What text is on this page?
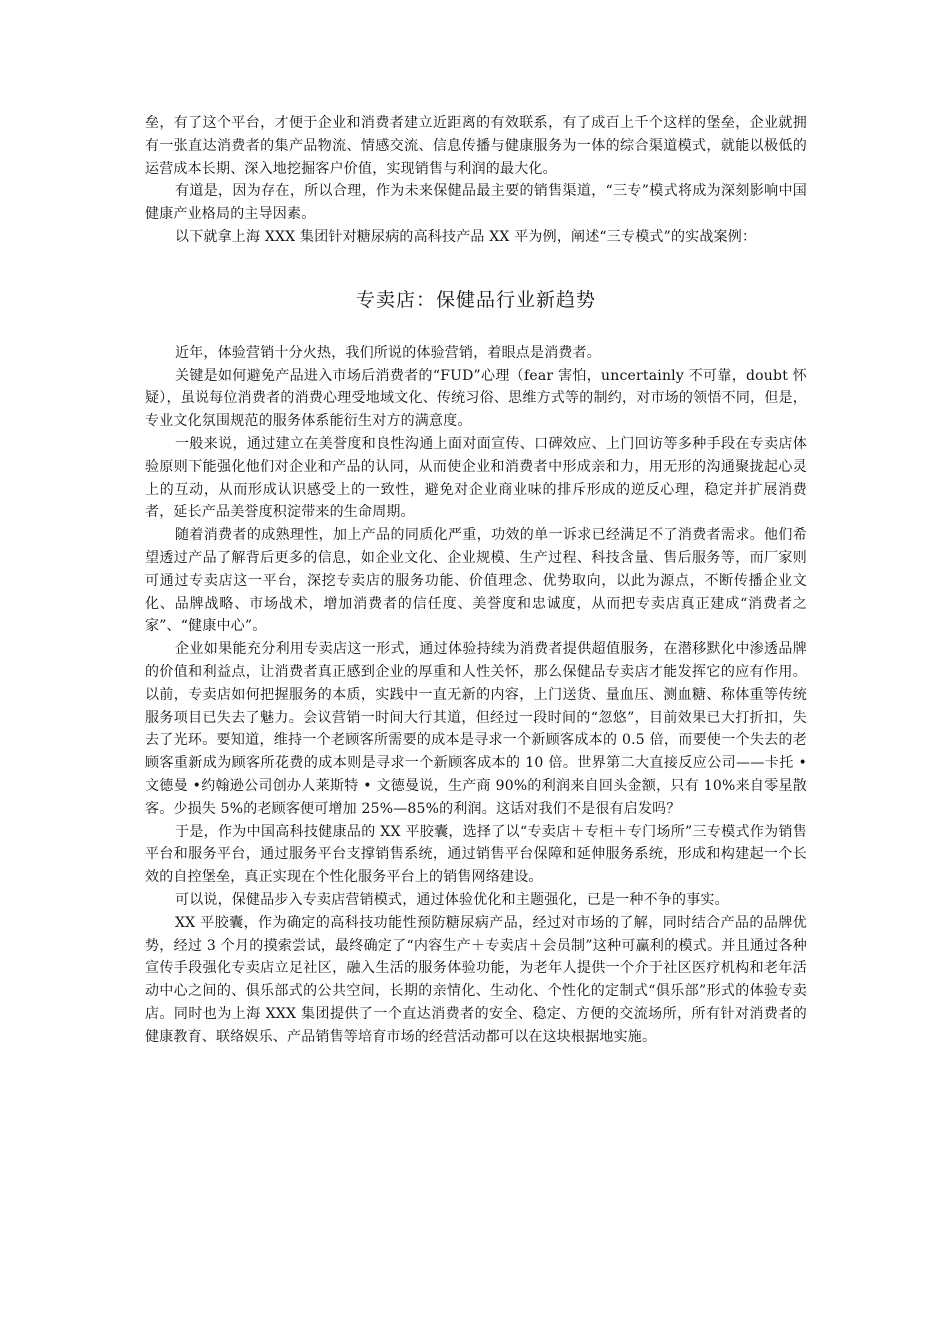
垒，有了这个平台，才便于企业和消费者建立近距离的有效联系，有了成百上千个这样的堡垒，企业就拥有一张直达消费者的集产品物流、情感交流、信息传播与健康服务为一体的综合渠道模式，就能以极低的运营成本长期、深入地挖掘客户价值，实现销售与利润的最大化。

有道是，因为存在，所以合理，作为未来保健品最主要的销售渠道，“三专”模式将成为深刻影响中国健康产业格局的主导因素。

以下就拿上海 XXX 集团针对糖尿病的高科技产品 XX 平为例，阐述“三专模式”的实战案例：

专卖店：保健品行业新趋势

近年，体验营销十分火热，我们所说的体验营销，着眼点是消费者。

关键是如何避免产品进入市场后消费者的“FUD”心理（fear 害怕，uncertainly 不可靠，doubt 怀疑），虽说每位消费者的消费心理受地域文化、传统习俗、思维方式等的制约，对市场的领悟不同，但是，专业文化氛围规范的服务体系能衍生对方的满意度。

一般来说，通过建立在美誉度和良性沟通上面对面宣传、口碑效应、上门回访等多种手段在专卖店体验原则下能强化他们对企业和产品的认同，从而使企业和消费者中形成亲和力，用无形的沟通聚拢起心灵上的互动，从而形成认识感受上的一致性，避免对企业商业味的排斥形成的逆反心理，稳定并扩展消费者，延长产品美誉度积淀带来的生命周期。

随着消费者的成熟理性，加上产品的同质化严重，功效的单一诉求已经满足不了消费者需求。他们希望透过产品了解背后更多的信息，如企业文化、企业规模、生产过程、科技含量、售后服务等，而厂家则可通过专卖店这一平台，深挖专卖店的服务功能、价值理念、优势取向，以此为源点，不断传播企业文化、品牌战略、市场战术，增加消费者的信任度、美誉度和忠诚度，从而把专卖店真正建成“消费者之家”、“健康中心”。

企业如果能充分利用专卖店这一形式，通过体验持续为消费者提供超值服务，在潜移默化中渗透品牌的价值和利益点，让消费者真正感到企业的厚重和人性关怀，那么保健品专卖店才能发挥它的应有作用。以前，专卖店如何把握服务的本质，实践中一直无新的内容，上门送货、量血压、测血糖、称体重等传统服务项目已失去了魅力。会议营销一时间大行其道，但经过一段时间的“忽悠”，目前效果已大打折扣，失去了光环。要知道，维持一个老顾客所需要的成本是寻求一个新顾客成本的 0.5 倍，而要使一个失去的老顾客重新成为顾客所花费的成本则是寻求一个新顾客成本的 10 倍。世界第二大直接反应公司——卡托 •文德曼 •约翰逊公司创办人莱斯特 • 文德曼说，生产商 90%的利润来自回头金额，只有 10%来自零星散客。少损失 5%的老顾客便可增加 25%—85%的利润。这话对我们不是很有启发吗？

于是，作为中国高科技健康品的 XX 平胶囊，选择了以“专卖店＋专柜＋专门场所”三专模式作为销售平台和服务平台，通过服务平台支撑销售系统，通过销售平台保障和延伸服务系统，形成和构建起一个长效的自控堡垒，真正实现在个性化服务平台上的销售网络建设。

可以说，保健品步入专卖店营销模式，通过体验优化和主题强化，已是一种不争的事实。

XX 平胶囊，作为确定的高科技功能性预防糖尿病产品，经过对市场的了解，同时结合产品的品牌优势，经过 3 个月的摸索尝试，最终确定了“内容生产＋专卖店＋会员制”这种可赢利的模式。并且通过各种宣传手段强化专卖店立足社区，融入生活的服务体验功能，为老年人提供一个介于社区医疗机构和老年活动中心之间的、俱乐部式的公共空间，长期的亲情化、生动化、个性化的定制式“俱乐部”形式的体验专卖店。同时也为上海 XXX 集团提供了一个直达消费者的安全、稳定、方便的交流场所，所有针对消费者的健康教育、联络娱乐、产品销售等培育市场的经营活动都可以在这块根据地实施。
